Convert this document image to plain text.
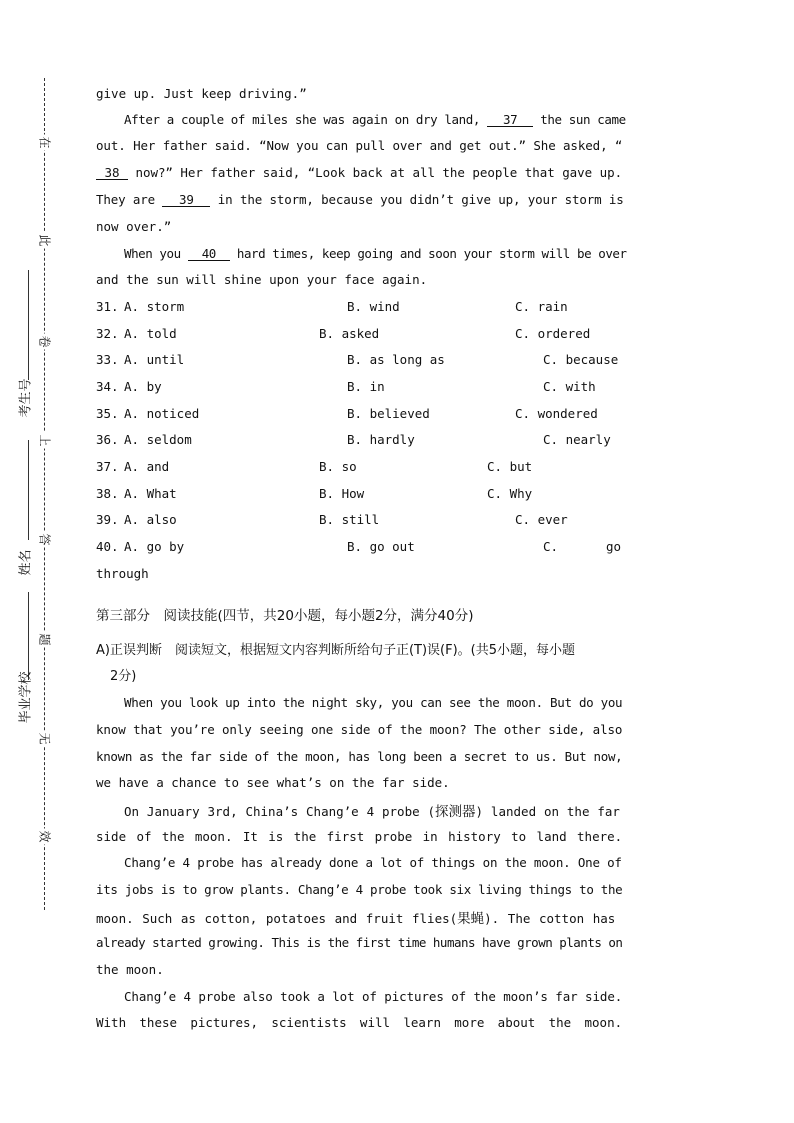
在
此
卷
上
答
题
无
效
考生号
姓名
毕业学校
give up. Just keep driving.”
After a couple of miles she was again on dry land, 37 the sun came
out. Her father said. “Now you can pull over and get out.” She asked, “
38 now?” Her father said, “Look back at all the people that gave up.
They are 39 in the storm, because you didn’t give up, your storm is
now over.”
When you 40 hard times, keep going and soon your storm will be over
and the sun will shine upon your face again.
31. A. storm	B. wind	C. rain
32. A. told	B. asked	C. ordered
33. A. until	B. as long as	C. because
34. A. by	B. in	C. with
35. A. noticed	B. believed	C. wondered
36. A. seldom	B. hardly	C. nearly
37. A. and	B. so	C. but
38. A. What	B. How	C. Why
39. A. also	B. still	C. ever
40. A. go by	B. go out	C.	go
through
第三部分　阅读技能(四节，共20小题，每小题2分，满分40分)
A)正误判断　阅读短文，根据短文内容判断所给句子正(T)误(F)。(共5小题，每小题
2分)
When you look up into the night sky, you can see the moon. But do you
know that you’re only seeing one side of the moon? The other side, also
known as the far side of the moon, has long been a secret to us. But now,
we have a chance to see what’s on the far side.
On January 3rd, China’s Chang’e 4 probe (探测器) landed on the far
side of the moon. It is the first probe in history to land there.
Chang’e 4 probe has already done a lot of things on the moon. One of
its jobs is to grow plants. Chang’e 4 probe took six living things to the
moon. Such as cotton, potatoes and fruit flies(果蝇). The cotton has
already started growing. This is the first time humans have grown plants on
the moon.
Chang’e 4 probe also took a lot of pictures of the moon’s far side.
With these pictures, scientists will learn more about the moon.
